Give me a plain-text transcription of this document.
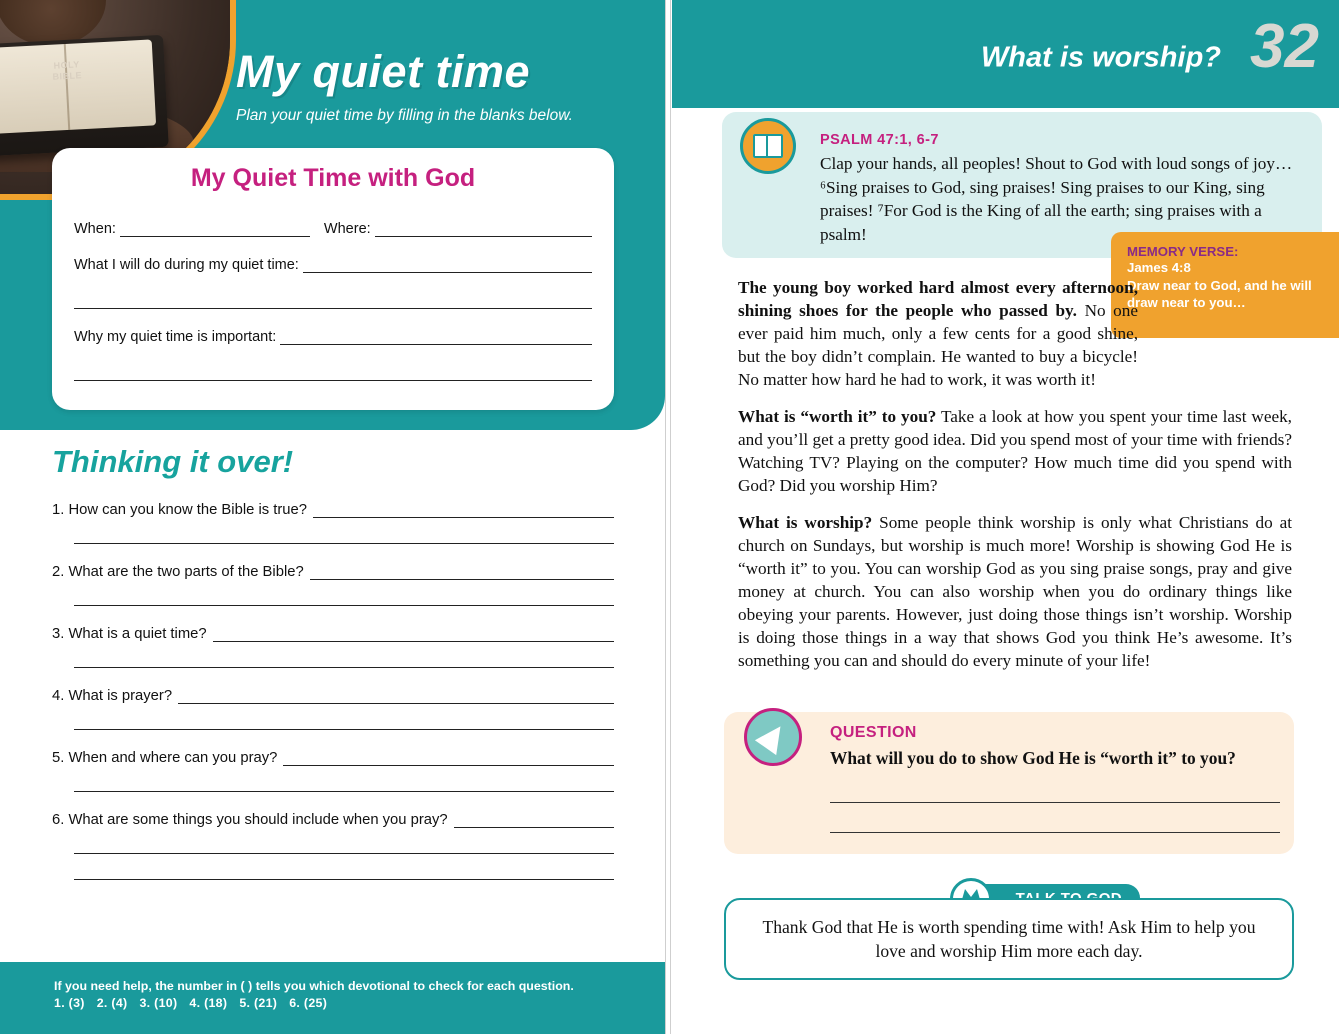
HOLY BIBLE	My quiet time
Plan your quiet time by filling in the blanks below.
My Quiet Time with God
When:	Where:
What I will do during my quiet time:
Why my quiet time is important:
Thinking it over!
1. How can you know the Bible is true?
2. What are the two parts of the Bible?
3. What is a quiet time?
4. What is prayer?
5. When and where can you pray?
6. What are some things you should include when you pray?
If you need help, the number in ( ) tells you which devotional to check for each question.
1. (3) 2. (4) 3. (10) 4. (18) 5. (21) 6. (25)
What is worship? 32
PSALM 47:1, 6-7
Clap your hands, all peoples! Shout to God with loud songs of joy…⁶Sing praises to God, sing praises! Sing praises to our King, sing praises! ⁷For God is the King of all the earth; sing praises with a psalm!
MEMORY VERSE:
James 4:8
Draw near to God, and he will draw near to you…

The young boy worked hard almost every afternoon, shining shoes for the people who passed by. No one ever paid him much, only a few cents for a good shine, but the boy didn’t complain. He wanted to buy a bicycle! No matter how hard he had to work, it was worth it!

What is “worth it” to you? Take a look at how you spent your time last week, and you’ll get a pretty good idea. Did you spend most of your time with friends? Watching TV? Playing on the computer? How much time did you spend with God? Did you worship Him?

What is worship? Some people think worship is only what Christians do at church on Sundays, but worship is much more! Worship is showing God He is “worth it” to you. You can worship God as you sing praise songs, pray and give money at church. You can also worship when you do ordinary things like obeying your parents. However, just doing those things isn’t worship. Worship is doing those things in a way that shows God you think He’s awesome. It’s something you can and should do every minute of your life!

QUESTION
What will you do to show God He is “worth it” to you?
Thank God that He is worth spending time with! Ask Him to help you love and worship Him more each day.
